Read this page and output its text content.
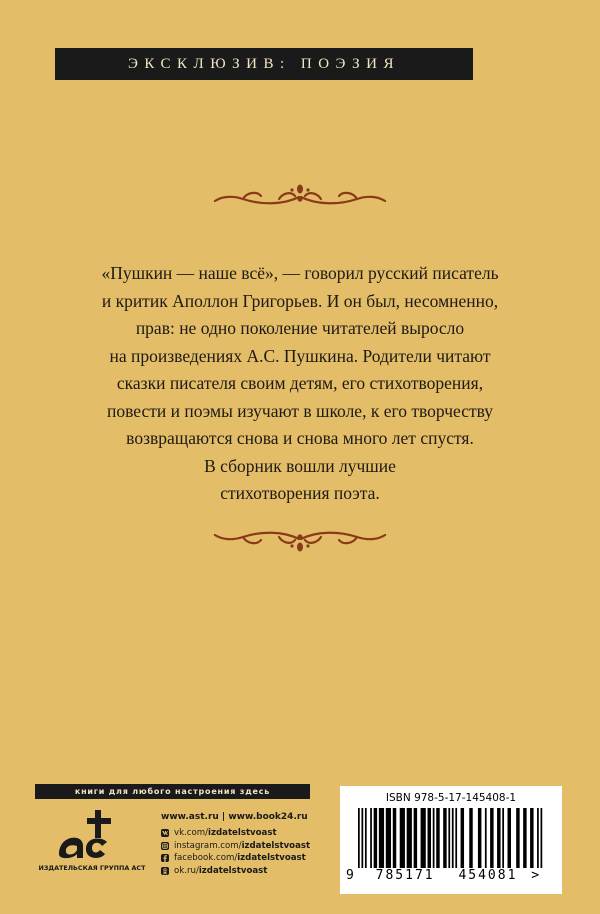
ЭКСКЛЮЗИВ: ПОЭЗИЯ
«Пушкин — наше всё», — говорил русский писатель
и критик Аполлон Григорьев. И он был, несомненно,
прав: не одно поколение читателей выросло
на произведениях А.С. Пушкина. Родители читают
сказки писателя своим детям, его стихотворения,
повести и поэмы изучают в школе, к его творчеству
возвращаются снова и снова много лет спустя.
В сборник вошли лучшие
стихотворения поэта.
книги для любого настроения здесь
ИЗДАТЕЛЬСКАЯ ГРУППА АСТ
www.ast.ru | www.book24.ru
vk.com/ izdatelstvoast
instagram.com/ izdatelstvoast
facebook.com/ izdatelstvoast
ok.ru/ izdatelstvoast
ISBN 978-5-17-145408-1
9 785171 454081 >
